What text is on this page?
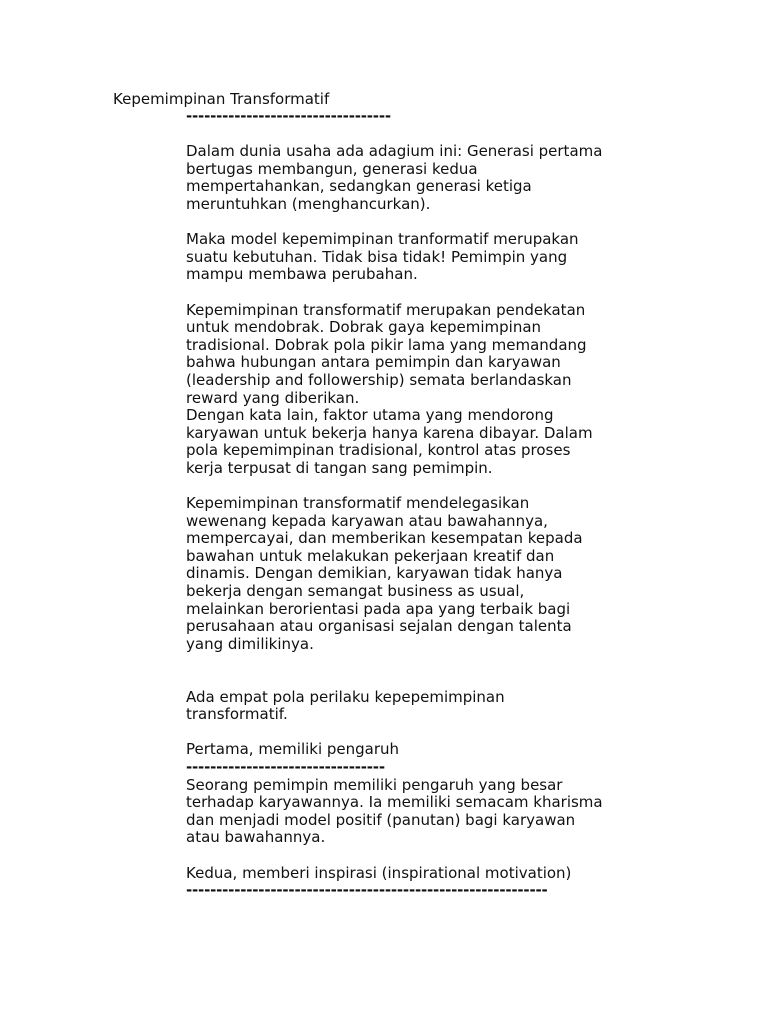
Kepemimpinan Transformatif
----------------------------------

Dalam dunia usaha ada adagium ini: Generasi pertama
bertugas membangun, generasi kedua
mempertahankan, sedangkan generasi ketiga
meruntuhkan (menghancurkan).

Maka model kepemimpinan tranformatif merupakan
suatu kebutuhan. Tidak bisa tidak! Pemimpin yang
mampu membawa perubahan.

Kepemimpinan transformatif merupakan pendekatan
untuk mendobrak. Dobrak gaya kepemimpinan
tradisional. Dobrak pola pikir lama yang memandang
bahwa hubungan antara pemimpin dan karyawan
(leadership and followership) semata berlandaskan
reward yang diberikan.
Dengan kata lain, faktor utama yang mendorong
karyawan untuk bekerja hanya karena dibayar. Dalam
pola kepemimpinan tradisional, kontrol atas proses
kerja terpusat di tangan sang pemimpin.

Kepemimpinan transformatif mendelegasikan
wewenang kepada karyawan atau bawahannya,
mempercayai, dan memberikan kesempatan kepada
bawahan untuk melakukan pekerjaan kreatif dan
dinamis. Dengan demikian, karyawan tidak hanya
bekerja dengan semangat business as usual,
melainkan berorientasi pada apa yang terbaik bagi
perusahaan atau organisasi sejalan dengan talenta
yang dimilikinya.

Ada empat pola perilaku kepepemimpinan
transformatif.

Pertama, memiliki pengaruh
---------------------------------

Seorang pemimpin memiliki pengaruh yang besar
terhadap karyawannya. Ia memiliki semacam kharisma
dan menjadi model positif (panutan) bagi karyawan
atau bawahannya.

Kedua, memberi inspirasi (inspirational motivation)
------------------------------------------------------------
